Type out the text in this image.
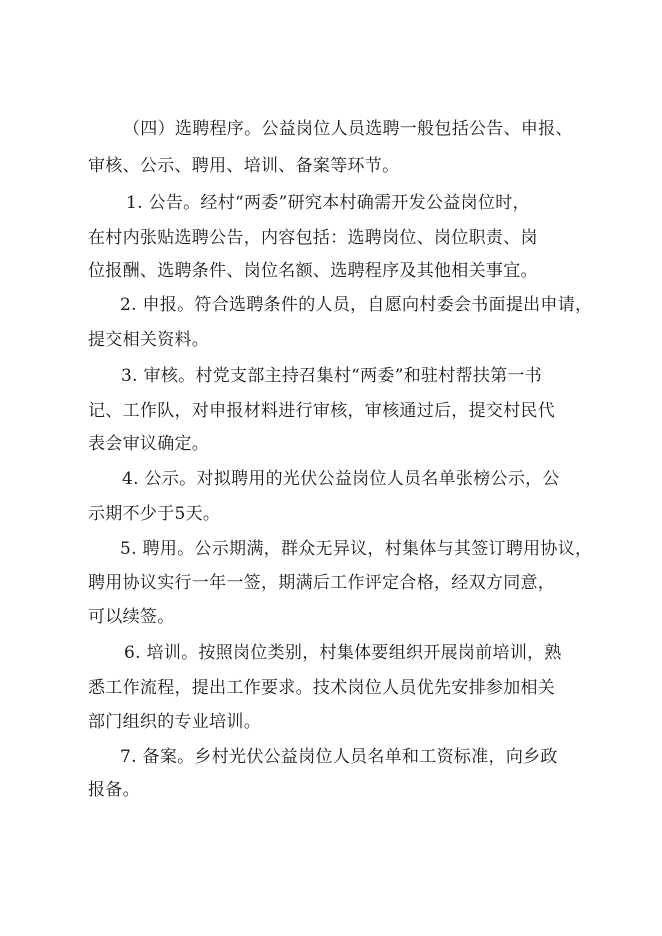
（四）选聘程序。公益岗位人员选聘一般包括公告、申报、
审核、公示、聘用、培训、备案等环节。
1. 公告。经村“两委”研究本村确需开发公益岗位时，
在村内张贴选聘公告，内容包括：选聘岗位、岗位职责、岗
位报酬、选聘条件、岗位名额、选聘程序及其他相关事宜。
2. 申报。符合选聘条件的人员，自愿向村委会书面提出申请，
提交相关资料。
3. 审核。村党支部主持召集村“两委”和驻村帮扶第一书
记、工作队，对申报材料进行审核，审核通过后，提交村民代
表会审议确定。
4. 公示。对拟聘用的光伏公益岗位人员名单张榜公示，公
示期不少于5天。
5. 聘用。公示期满，群众无异议，村集体与其签订聘用协议，
聘用协议实行一年一签，期满后工作评定合格，经双方同意，
可以续签。
6. 培训。按照岗位类别，村集体要组织开展岗前培训，熟
悉工作流程，提出工作要求。技术岗位人员优先安排参加相关
部门组织的专业培训。
7. 备案。乡村光伏公益岗位人员名单和工资标准，向乡政
报备。
